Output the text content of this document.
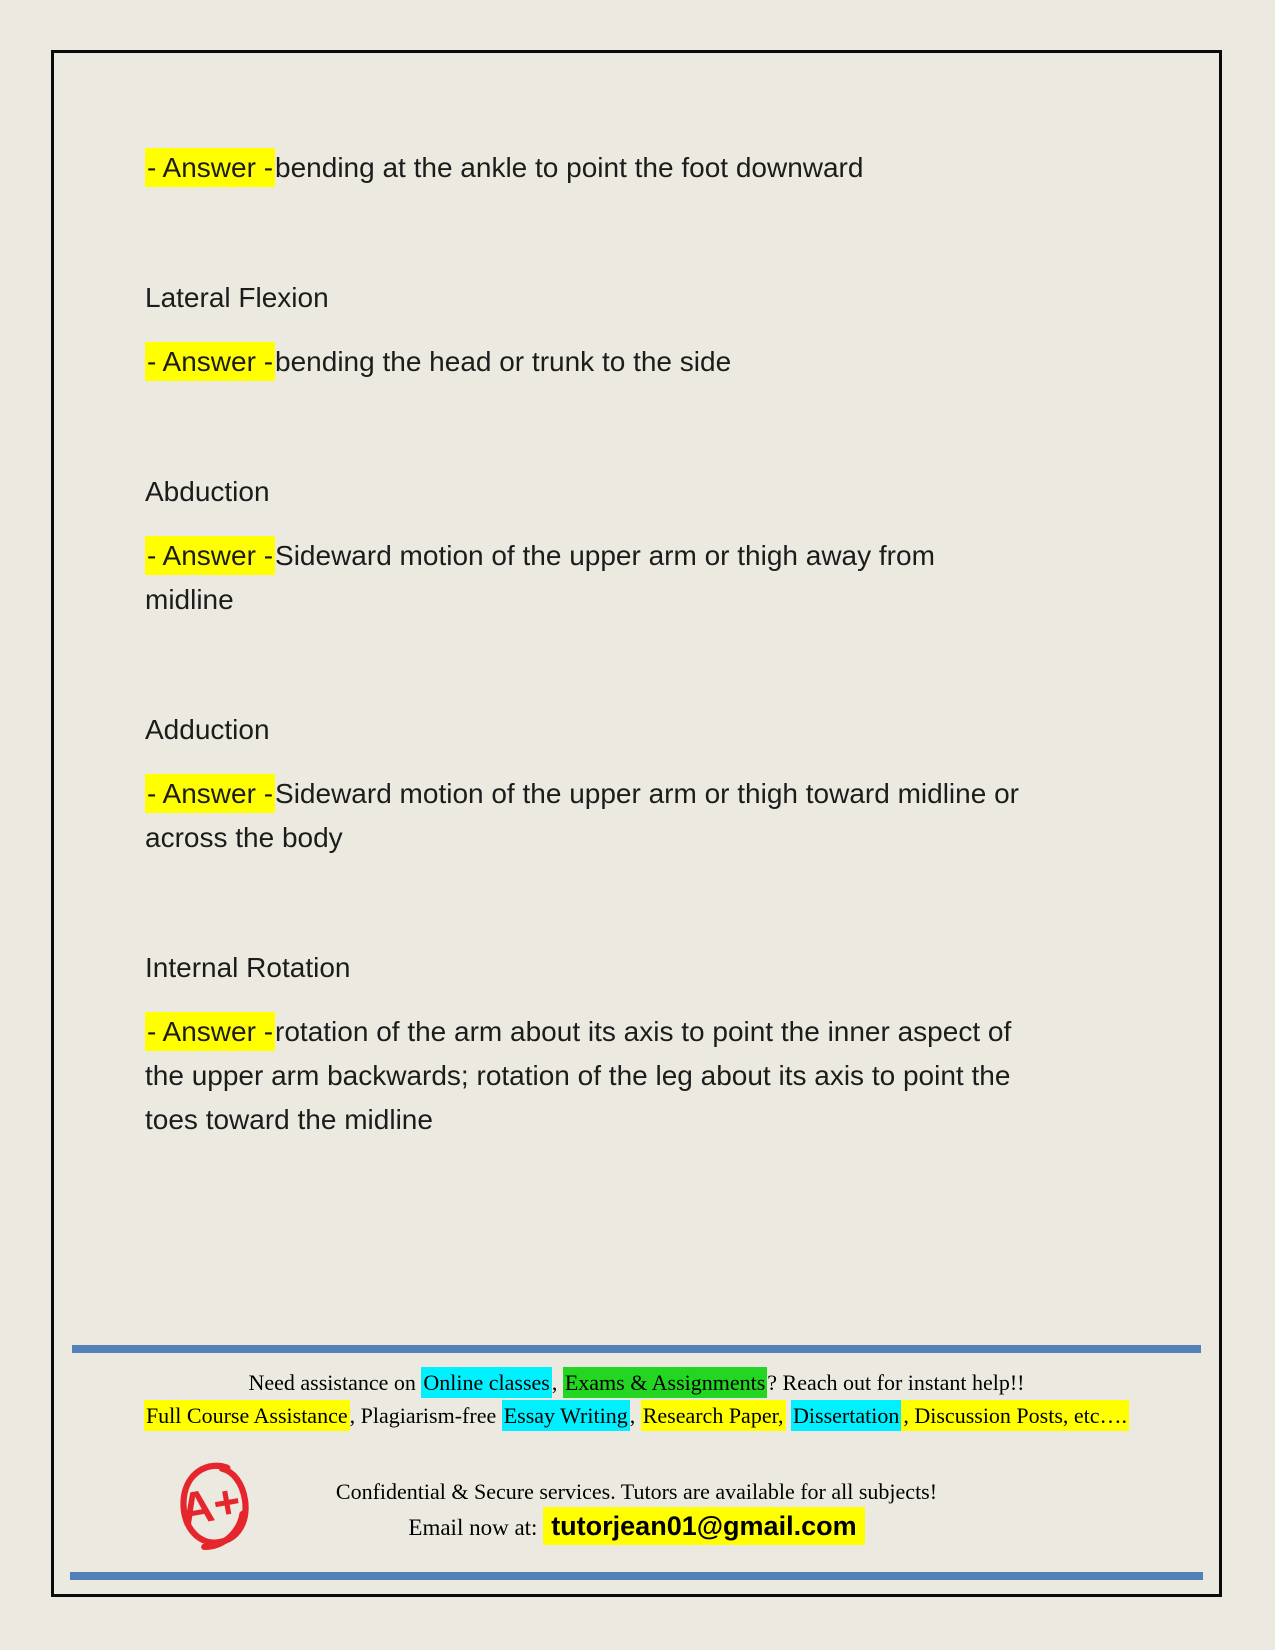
- Answer -bending at the ankle to point the foot downward

Lateral Flexion

- Answer -bending the head or trunk to the side

Abduction

- Answer -Sideward motion of the upper arm or thigh away from midline

Adduction

- Answer -Sideward motion of the upper arm or thigh toward midline or across the body

Internal Rotation

- Answer -rotation of the arm about its axis to point the inner aspect of the upper arm backwards; rotation of the leg about its axis to point the toes toward the midline

Need assistance on Online classes, Exams & Assignments? Reach out for instant help!!

Full Course Assistance, Plagiarism-free Essay Writing, Research Paper, Dissertation , Discussion Posts, etc….

Confidential & Secure services. Tutors are available for all subjects!

Email now at: tutorjean01@gmail.com

A+
